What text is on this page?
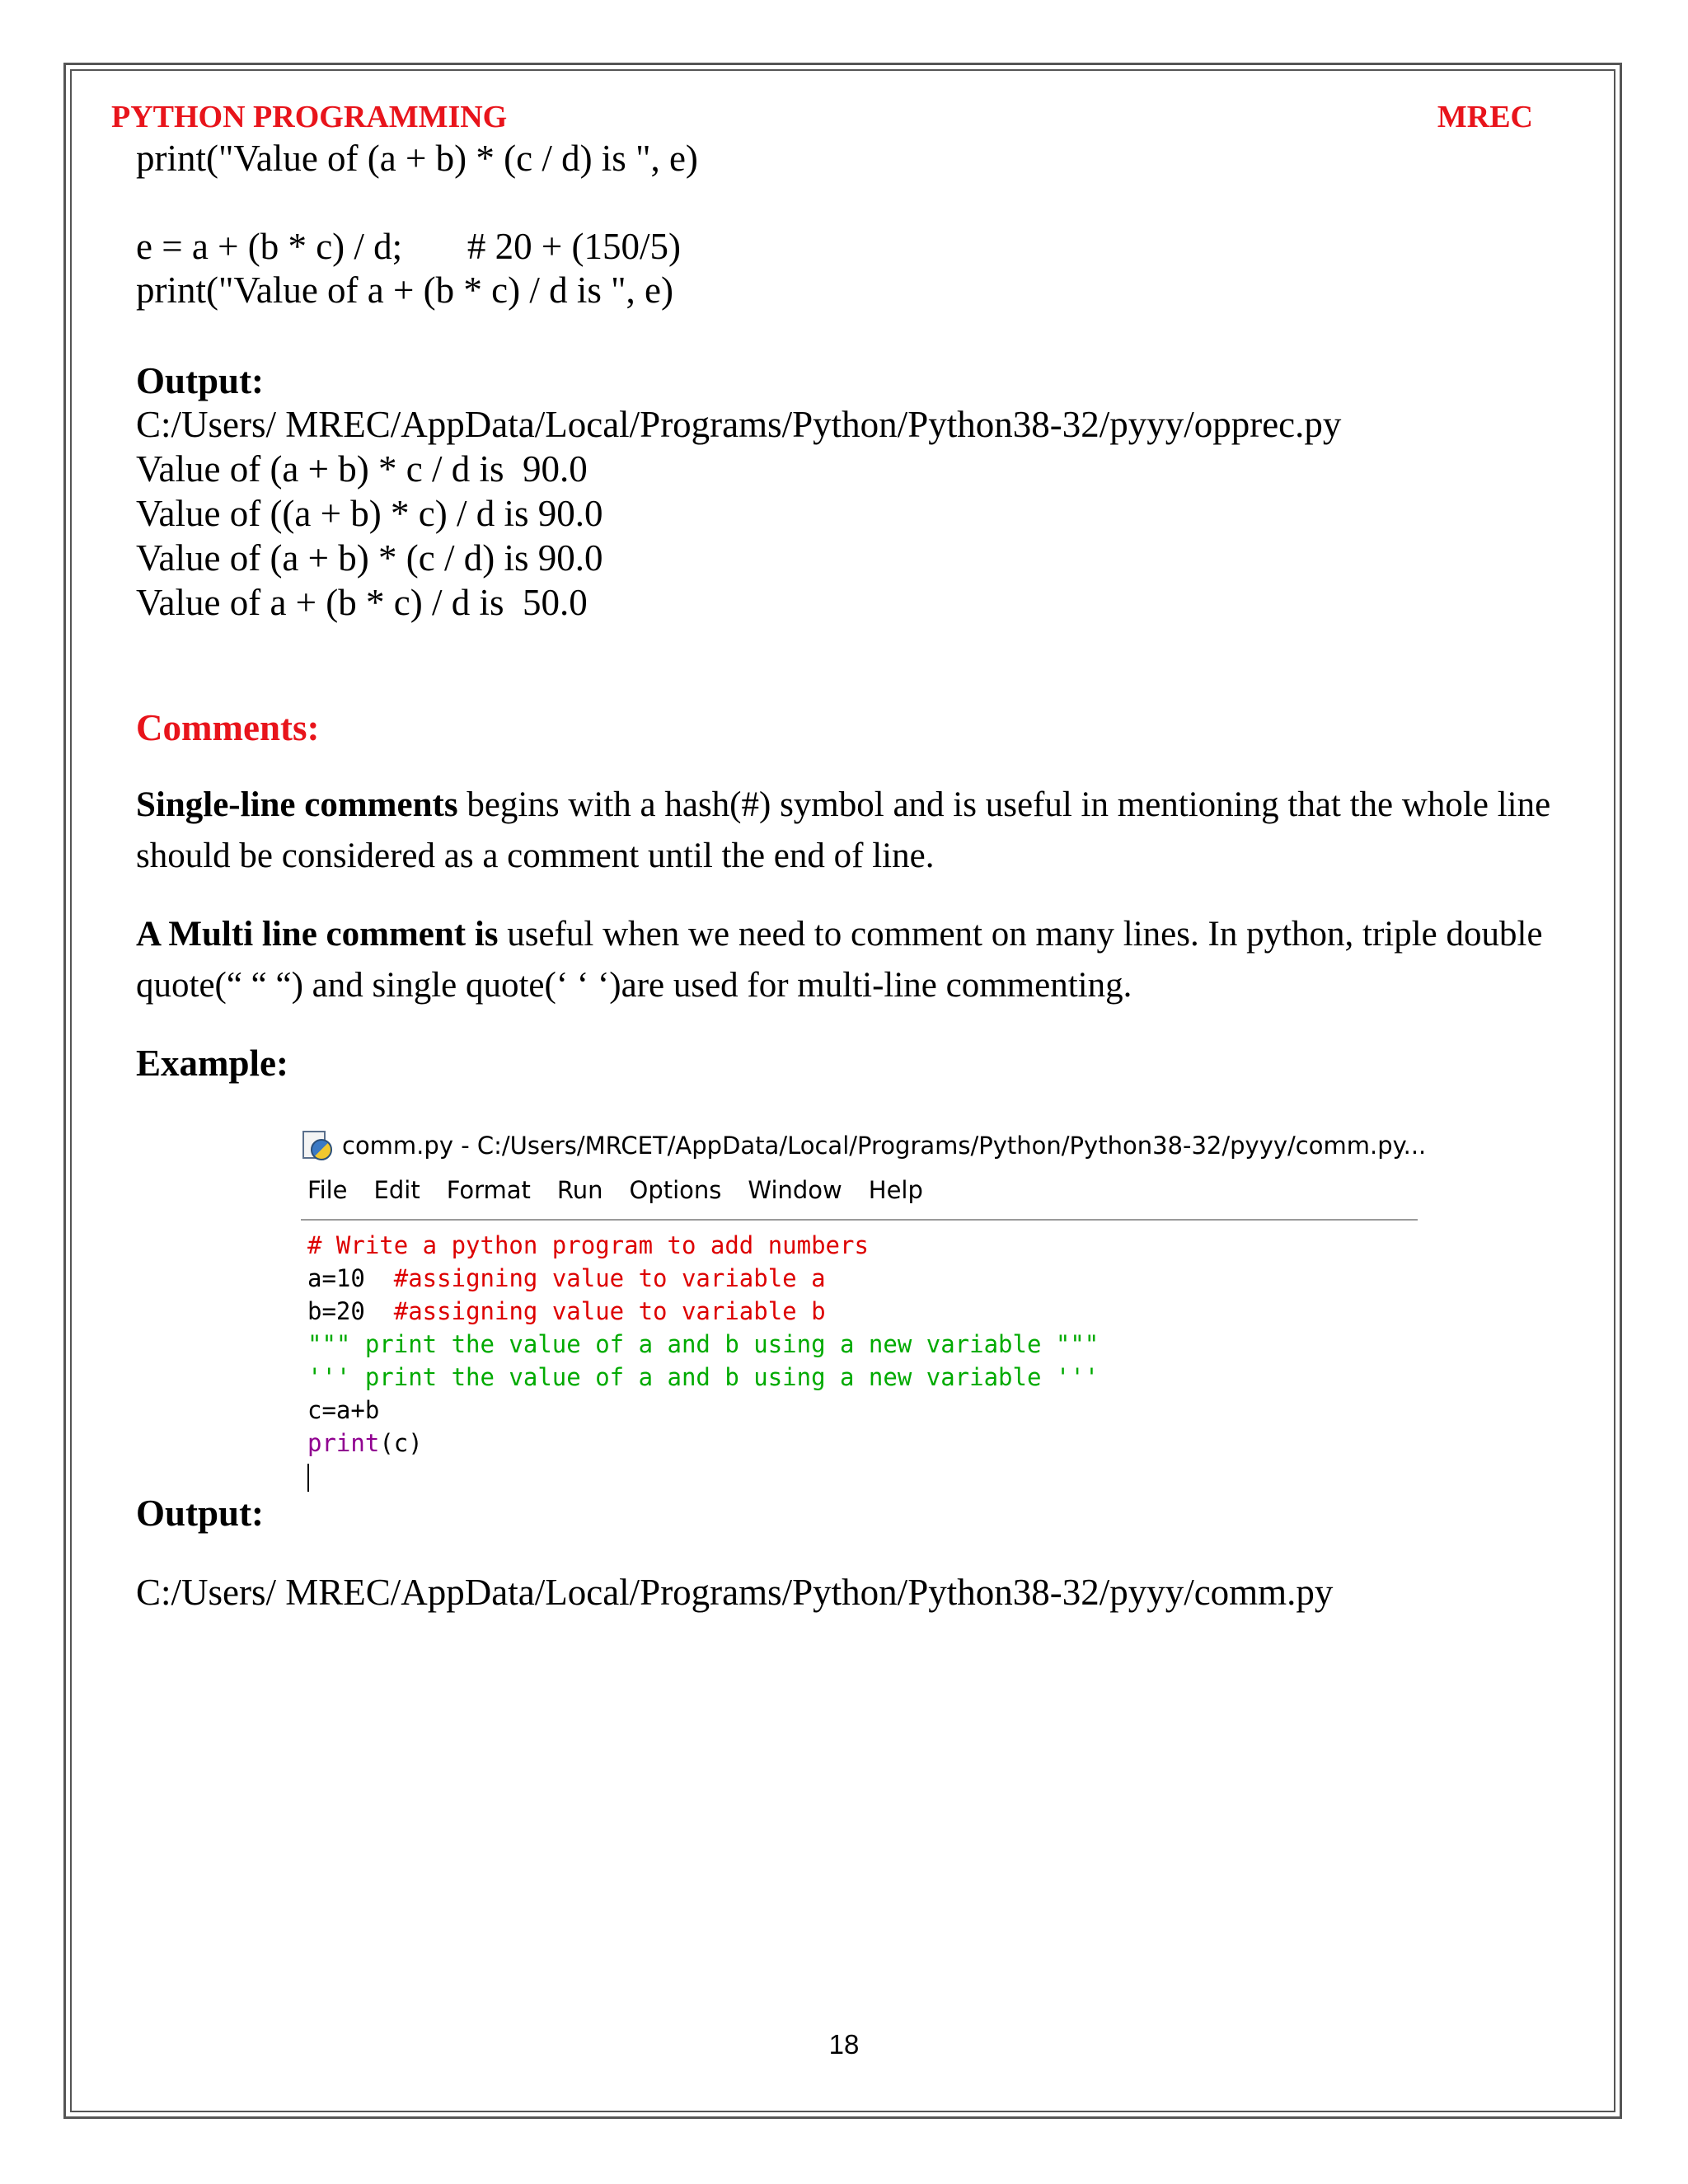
PYTHON PROGRAMMING	MREC
print("Value of (a + b) * (c / d) is ", e)
e = a + (b * c) / d;       # 20 + (150/5)
print("Value of a + (b * c) / d is ", e)
Output:
C:/Users/ MREC/AppData/Local/Programs/Python/Python38-32/pyyy/opprec.py
Value of (a + b) * c / d is  90.0
Value of ((a + b) * c) / d is 90.0
Value of (a + b) * (c / d) is 90.0
Value of a + (b * c) / d is  50.0
Comments:
Single-line comments begins with a hash(#) symbol and is useful in mentioning that the whole line should be considered as a comment until the end of line.
A Multi line comment is useful when we need to comment on many lines. In python, triple double quote(“ “ “) and single quote(‘ ‘ ‘)are used for multi-line commenting.
Example:
comm.py - C:/Users/MRCET/AppData/Local/Programs/Python/Python38-32/pyyy/comm.py...
File Edit Format Run Options Window Help
# Write a python program to add numbers
a=10  #assigning value to variable a
b=20  #assigning value to variable b
""" print the value of a and b using a new variable """
''' print the value of a and b using a new variable '''
c=a+b
print(c)
Output:
C:/Users/ MREC/AppData/Local/Programs/Python/Python38-32/pyyy/comm.py
18
